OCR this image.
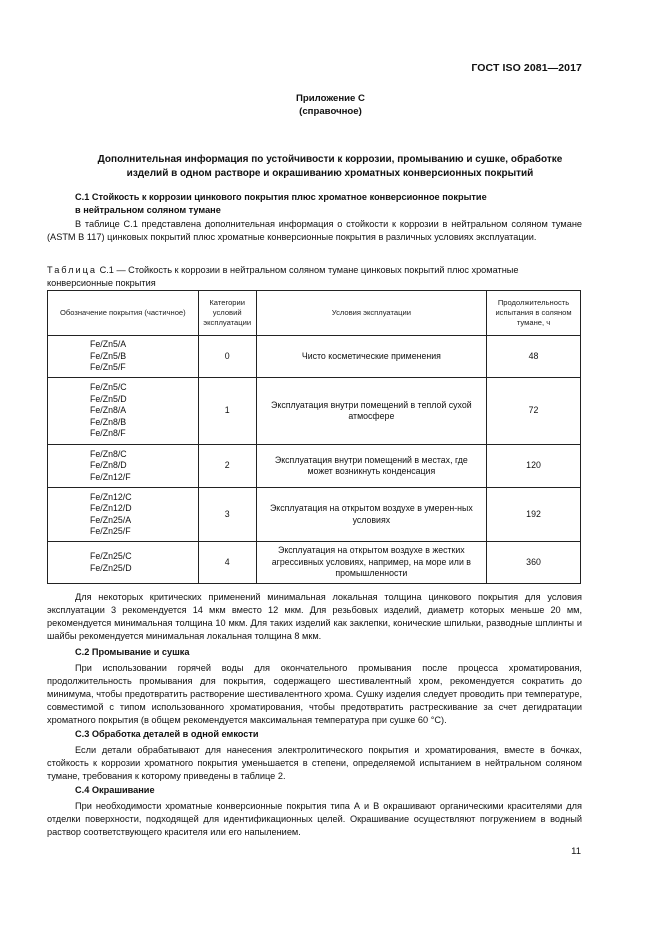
ГОСТ ISO 2081—2017
Приложение С
(справочное)
Дополнительная информация по устойчивости к коррозии, промыванию и сушке, обработке
изделий в одном растворе и окрашиванию хроматных конверсионных покрытий
С.1 Стойкость к коррозии цинкового покрытия плюс хроматное конверсионное покрытие
в нейтральном соляном тумане
В таблице С.1 представлена дополнительная информация о стойкости к коррозии в нейтральном соляном тумане (ASTM B 117) цинковых покрытий плюс хроматные конверсионные покрытия в различных условиях эксплуатации.
Таблица С.1 — Стойкость к коррозии в нейтральном соляном тумане цинковых покрытий плюс хроматные конверсионные покрытия
Обозначение покрытия (частичное)	Категории условий эксплуатации	Условия эксплуатации	Продолжительность испытания в соляном тумане, ч

Fe/Zn5/A
Fe/Zn5/B
Fe/Zn5/F	0	Чисто косметические применения	48

Fe/Zn5/C
Fe/Zn5/D
Fe/Zn8/A
Fe/Zn8/B
Fe/Zn8/F	1	Эксплуатация внутри помещений в теплой сухой атмосфере	72

Fe/Zn8/C
Fe/Zn8/D
Fe/Zn12/F	2	Эксплуатация внутри помещений в местах, где может возникнуть конденсация	120

Fe/Zn12/C
Fe/Zn12/D
Fe/Zn25/A
Fe/Zn25/F	3	Эксплуатация на открытом воздухе в умерен-ных условиях	192

Fe/Zn25/C
Fe/Zn25/D	4	Эксплуатация на открытом воздухе в жестких агрессивных условиях, например, на море или в промышленности	360
Для некоторых критических применений минимальная локальная толщина цинкового покрытия для условия эксплуатации 3 рекомендуется 14 мкм вместо 12 мкм. Для резьбовых изделий, диаметр которых меньше 20 мм, рекомендуется минимальная толщина 10 мкм. Для таких изделий как заклепки, конические шпильки, разводные шплинты и шайбы рекомендуется минимальная локальная толщина 8 мкм.
С.2 Промывание и сушка
При использовании горячей воды для окончательного промывания после процесса хроматирования, продолжительность промывания для покрытия, содержащего шестивалентный хром, рекомендуется сократить до минимума, чтобы предотвратить растворение шестивалентного хрома. Сушку изделия следует проводить при температуре, совместимой с типом использованного хроматирования, чтобы предотвратить растрескивание за счет дегидратации хроматного покрытия (в общем рекомендуется максимальная температура при сушке 60 °С).
С.3 Обработка деталей в одной емкости
Если детали обрабатывают для нанесения электролитического покрытия и хроматирования, вместе в бочках, стойкость к коррозии хроматного покрытия уменьшается в степени, определяемой испытанием в нейтральном соляном тумане, требования к которому приведены в таблице 2.
С.4 Окрашивание
При необходимости хроматные конверсионные покрытия типа А и В окрашивают органическими красителями для отделки поверхности, подходящей для идентификационных целей. Окрашивание осуществляют погружением в водный раствор соответствующего красителя или его напылением.
11
